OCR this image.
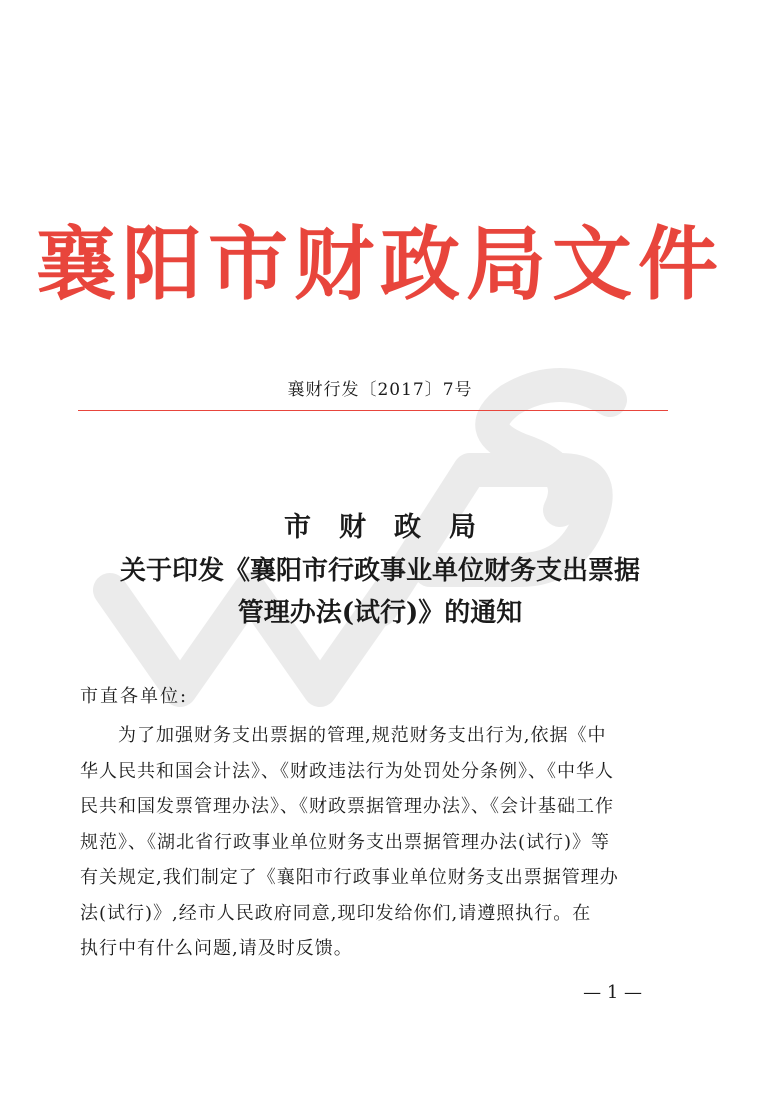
襄阳市财政局文件
襄财行发〔2017〕7号
市财政局
关于印发《襄阳市行政事业单位财务支出票据
管理办法(试行)》的通知
市直各单位:
为了加强财务支出票据的管理,规范财务支出行为,依据《中
华人民共和国会计法》、《财政违法行为处罚处分条例》、《中华人
民共和国发票管理办法》、《财政票据管理办法》、《会计基础工作
规范》、《湖北省行政事业单位财务支出票据管理办法(试行)》等
有关规定,我们制定了《襄阳市行政事业单位财务支出票据管理办
法(试行)》,经市人民政府同意,现印发给你们,请遵照执行。在
执行中有什么问题,请及时反馈。
— 1 —
